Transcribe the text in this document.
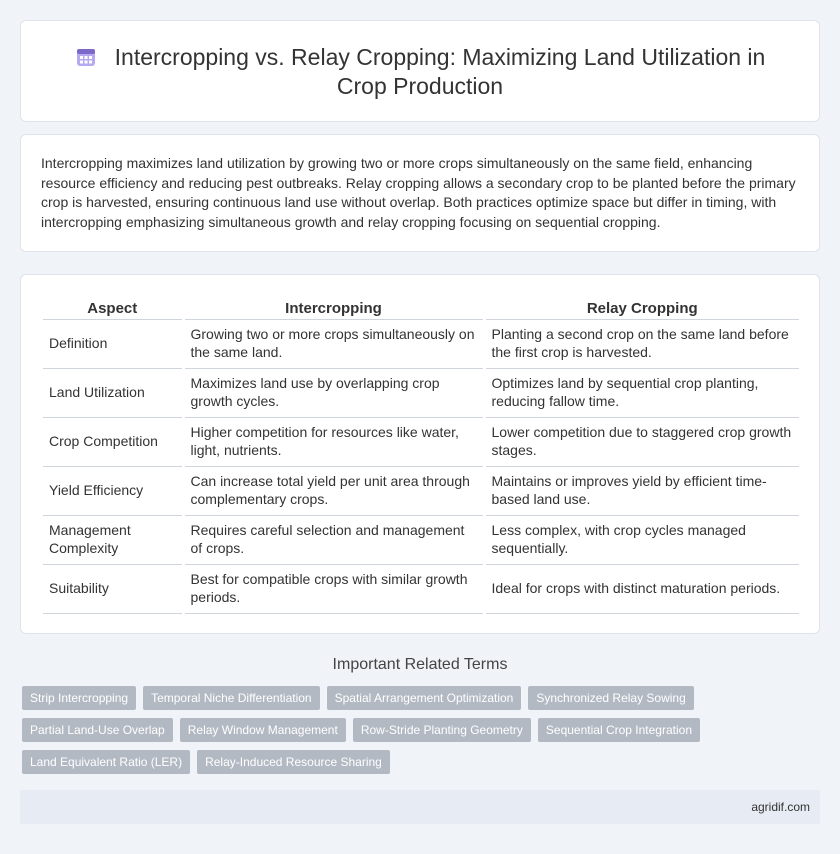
Intercropping vs. Relay Cropping: Maximizing Land Utilization in Crop Production

Intercropping maximizes land utilization by growing two or more crops simultaneously on the same field, enhancing resource efficiency and reducing pest outbreaks. Relay cropping allows a secondary crop to be planted before the primary crop is harvested, ensuring continuous land use without overlap. Both practices optimize space but differ in timing, with intercropping emphasizing simultaneous growth and relay cropping focusing on sequential cropping.

Aspect	Intercropping	Relay Cropping
Definition	Growing two or more crops simultaneously on the same land.	Planting a second crop on the same land before the first crop is harvested.
Land Utilization	Maximizes land use by overlapping crop growth cycles.	Optimizes land by sequential crop planting, reducing fallow time.
Crop Competition	Higher competition for resources like water, light, nutrients.	Lower competition due to staggered crop growth stages.
Yield Efficiency	Can increase total yield per unit area through complementary crops.	Maintains or improves yield by efficient time-based land use.
Management Complexity	Requires careful selection and management of crops.	Less complex, with crop cycles managed sequentially.
Suitability	Best for compatible crops with similar growth periods.	Ideal for crops with distinct maturation periods.
Important Related Terms
Strip Intercropping	Temporal Niche Differentiation	Spatial Arrangement Optimization	Synchronized Relay Sowing
Partial Land-Use Overlap	Relay Window Management	Row-Stride Planting Geometry	Sequential Crop Integration
Land Equivalent Ratio (LER)	Relay-Induced Resource Sharing
agridif.com
